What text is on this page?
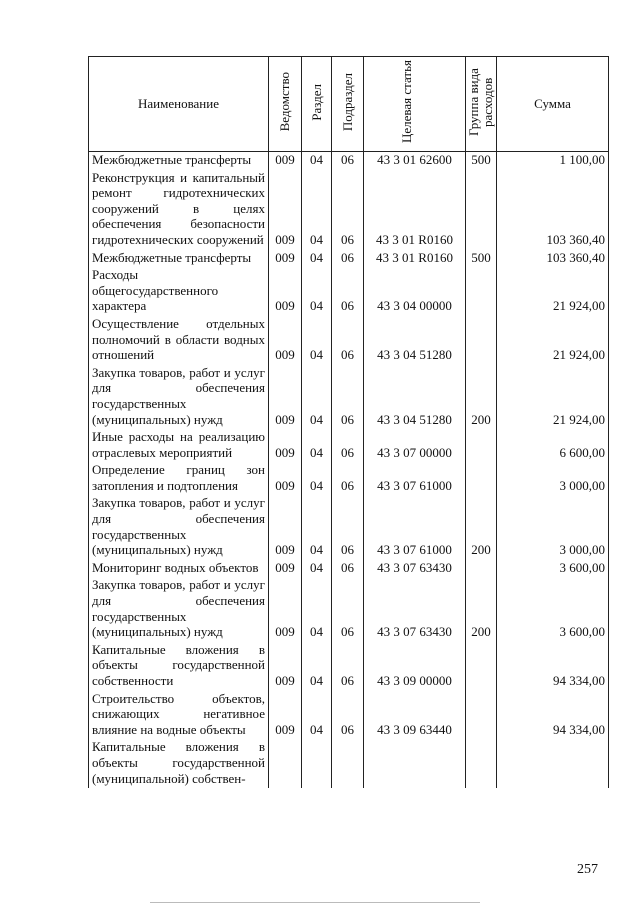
Наименование	Ведомство	Раздел	Подраздел	Целевая статья	Группа вида расходов	Сумма

Межбюджетные трансферты	009	04	06	43 3 01 62600	500	1 100,00

Реконструкция и капитальный ремонт гидротехнических сооружений в целях обеспечения безопасности гидротехнических сооружений	009	04	06	43 3 01 R0160		103 360,40

Межбюджетные трансферты	009	04	06	43 3 01 R0160	500	103 360,40

Расходы общегосударственного характера	009	04	06	43 3 04 00000		21 924,00

Осуществление отдельных полномочий в области водных отношений	009	04	06	43 3 04 51280		21 924,00

Закупка товаров, работ и услуг для обеспечения государственных (муниципальных) нужд	009	04	06	43 3 04 51280	200	21 924,00

Иные расходы на реализацию отраслевых мероприятий	009	04	06	43 3 07 00000		6 600,00

Определение границ зон затопления и подтопления	009	04	06	43 3 07 61000		3 000,00

Закупка товаров, работ и услуг для обеспечения государственных (муниципальных) нужд	009	04	06	43 3 07 61000	200	3 000,00

Мониторинг водных объектов	009	04	06	43 3 07 63430		3 600,00

Закупка товаров, работ и услуг для обеспечения государственных (муниципальных) нужд	009	04	06	43 3 07 63430	200	3 600,00

Капитальные вложения в объекты государственной собственности	009	04	06	43 3 09 00000		94 334,00

Строительство объектов, снижающих негативное влияние на водные объекты	009	04	06	43 3 09 63440		94 334,00

Капитальные вложения в объекты государственной (муниципальной) собствен-						

257
